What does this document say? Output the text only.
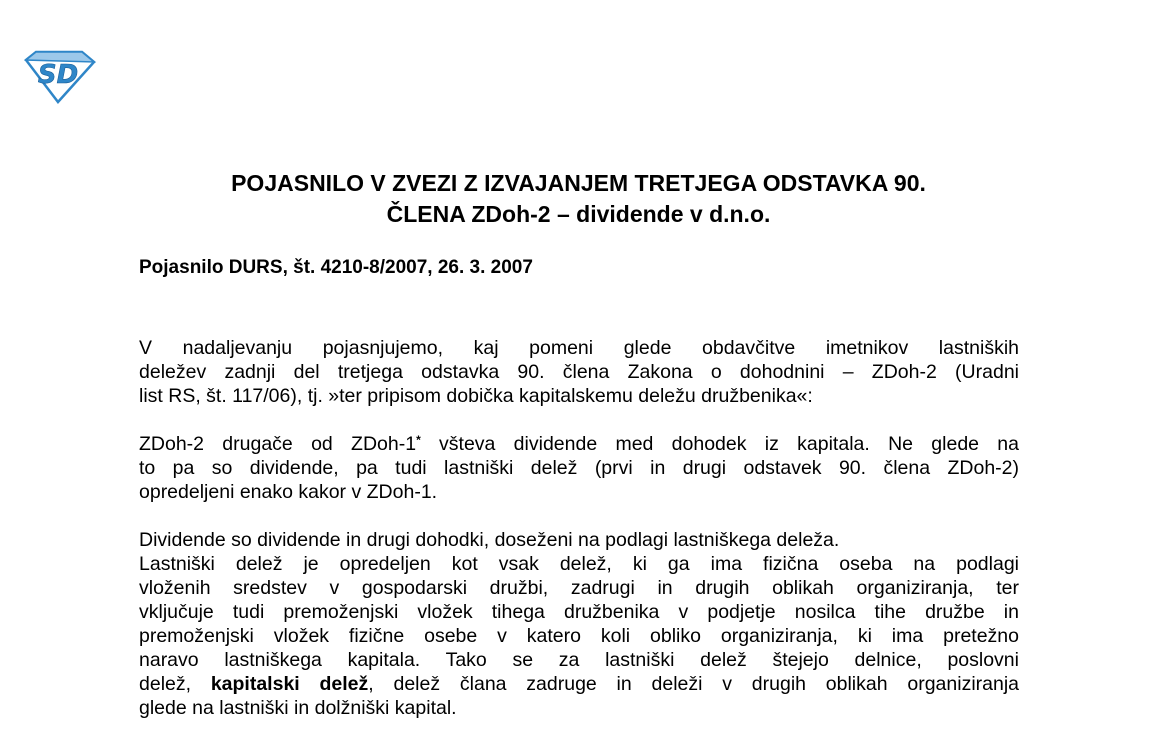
SD
POJASNILO V ZVEZI Z IZVAJANJEM TRETJEGA ODSTAVKA 90.
ČLENA ZDoh-2 – dividende v d.n.o.
Pojasnilo DURS, št. 4210-8/2007, 26. 3. 2007
V nadaljevanju pojasnjujemo, kaj pomeni glede obdavčitve imetnikov lastniških
deležev zadnji del tretjega odstavka 90. člena Zakona o dohodnini – ZDoh-2 (Uradni
list RS, št. 117/06), tj. »ter pripisom dobička kapitalskemu deležu družbenika«:
ZDoh-2 drugače od ZDoh-1* všteva dividende med dohodek iz kapitala. Ne glede na
to pa so dividende, pa tudi lastniški delež (prvi in drugi odstavek 90. člena ZDoh-2)
opredeljeni enako kakor v ZDoh-1.
Dividende so dividende in drugi dohodki, doseženi na podlagi lastniškega deleža.
Lastniški delež je opredeljen kot vsak delež, ki ga ima fizična oseba na podlagi
vloženih sredstev v gospodarski družbi, zadrugi in drugih oblikah organiziranja, ter
vključuje tudi premoženjski vložek tihega družbenika v podjetje nosilca tihe družbe in
premoženjski vložek fizične osebe v katero koli obliko organiziranja, ki ima pretežno
naravo lastniškega kapitala. Tako se za lastniški delež štejejo delnice, poslovni
delež, kapitalski delež, delež člana zadruge in deleži v drugih oblikah organiziranja
glede na lastniški in dolžniški kapital.
